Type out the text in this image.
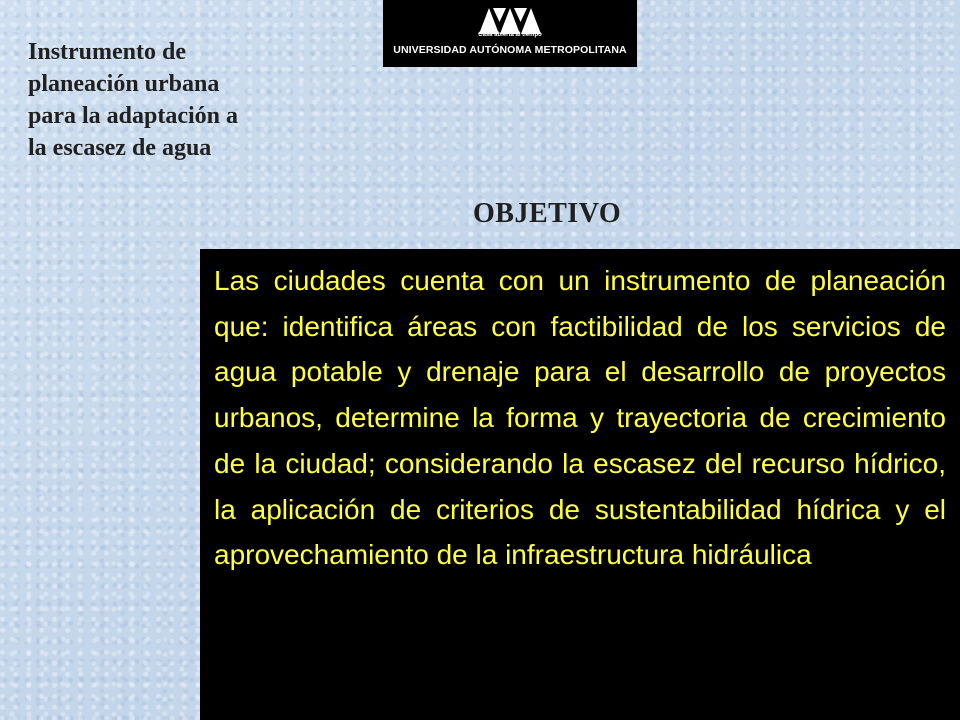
Instrumento de
planeación urbana
para la adaptación a
la escasez de agua
Casa abierta al tiempo
UNIVERSIDAD AUTÓNOMA METROPOLITANA
OBJETIVO

Las ciudades cuenta con un instrumento de planeación que: identifica áreas con factibilidad de los servicios de agua potable y drenaje para el desarrollo de proyectos urbanos, determine la forma y trayectoria de crecimiento de la ciudad; considerando la escasez del recurso hídrico, la aplicación de criterios de sustentabilidad hídrica y el aprovechamiento de la infraestructura hidráulica
